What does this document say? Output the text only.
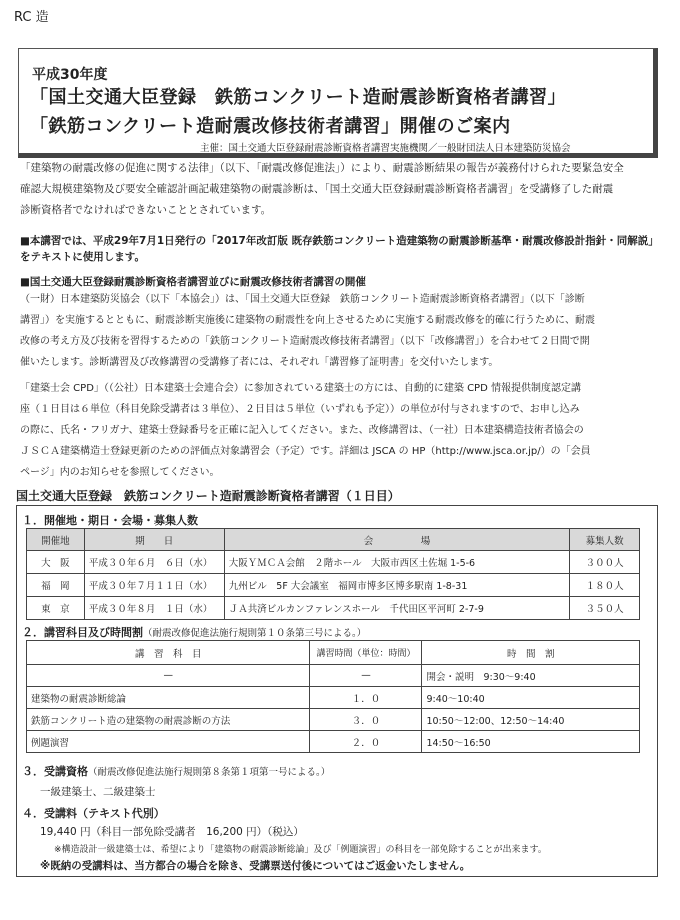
RC 造
平成30年度
「国土交通大臣登録　鉄筋コンクリート造耐震診断資格者講習」
「鉄筋コンクリート造耐震改修技術者講習」開催のご案内
主催：国土交通大臣登録耐震診断資格者講習実施機関／一般財団法人日本建築防災協会
「建築物の耐震改修の促進に関する法律」（以下、「耐震改修促進法」）により、耐震診断結果の報告が義務付けられた要緊急安全
確認大規模建築物及び要安全確認計画記載建築物の耐震診断は、「国土交通大臣登録耐震診断資格者講習」を受講修了した耐震
診断資格者でなければできないこととされています。
■本講習では、平成29年7月1日発行の「2017年改訂版 既存鉄筋コンクリート造建築物の耐震診断基準・耐震改修設計指針・同解説」
をテキストに使用します。
■国土交通大臣登録耐震診断資格者講習並びに耐震改修技術者講習の開催
（一財）日本建築防災協会（以下「本協会」）は、「国土交通大臣登録　鉄筋コンクリート造耐震診断資格者講習」（以下「診断
講習」）を実施するとともに、耐震診断実施後に建築物の耐震性を向上させるために実施する耐震改修を的確に行うために、耐震
改修の考え方及び技術を習得するための「鉄筋コンクリート造耐震改修技術者講習」（以下「改修講習」）を合わせて２日間で開
催いたします。診断講習及び改修講習の受講修了者には、それぞれ「講習修了証明書」を交付いたします。
「建築士会 CPD」（（公社）日本建築士会連合会）に参加されている建築士の方には、自動的に建築 CPD 情報提供制度認定講
座（１日目は６単位（科目免除受講者は３単位）、２日目は５単位（いずれも予定））の単位が付与されますので、お申し込み
の際に、氏名・フリガナ、建築士登録番号を正確に記入してください。また、改修講習は、（一社）日本建築構造技術者協会の
ＪＳＣＡ建築構造士登録更新のための評価点対象講習会（予定）です。詳細は JSCA の HP（http://www.jsca.or.jp/）の「会員
ページ」内のお知らせを参照してください。
国土交通大臣登録　鉄筋コンクリート造耐震診断資格者講習（１日目）
１．開催地・期日・会場・募集人数
開催地	期　　日	会　　　　　場	募集人数
大　阪	平成３０年６月　６日（水）	大阪ＹＭＣＡ会館　２階ホール　大阪市西区土佐堀 1-5-6	３００人
福　岡	平成３０年７月１１日（水）	九州ビル　5F 大会議室　福岡市博多区博多駅南 1-8-31	１８０人
東　京	平成３０年８月　１日（水）	ＪＡ共済ビルカンファレンスホール　千代田区平河町 2-7-9	３５０人
２．講習科目及び時間割（耐震改修促進法施行規則第１０条第三号による。）
講　習　科　目	講習時間（単位：時間）	時　間　割
—	—	開会・説明　9:30〜9:40
建築物の耐震診断総論	１．０	9:40〜10:40
鉄筋コンクリート造の建築物の耐震診断の方法	３．０	10:50〜12:00、12:50〜14:40
例題演習	２．０	14:50〜16:50
３．受講資格（耐震改修促進法施行規則第８条第１項第一号による。）
一級建築士、二級建築士
４．受講料（テキスト代別）
19,440 円（科目一部免除受講者　16,200 円）（税込）
※構造設計一級建築士は、希望により「建築物の耐震診断総論」及び「例題演習」の科目を一部免除することが出来ます。
※既納の受講料は、当方都合の場合を除き、受講票送付後についてはご返金いたしません。
